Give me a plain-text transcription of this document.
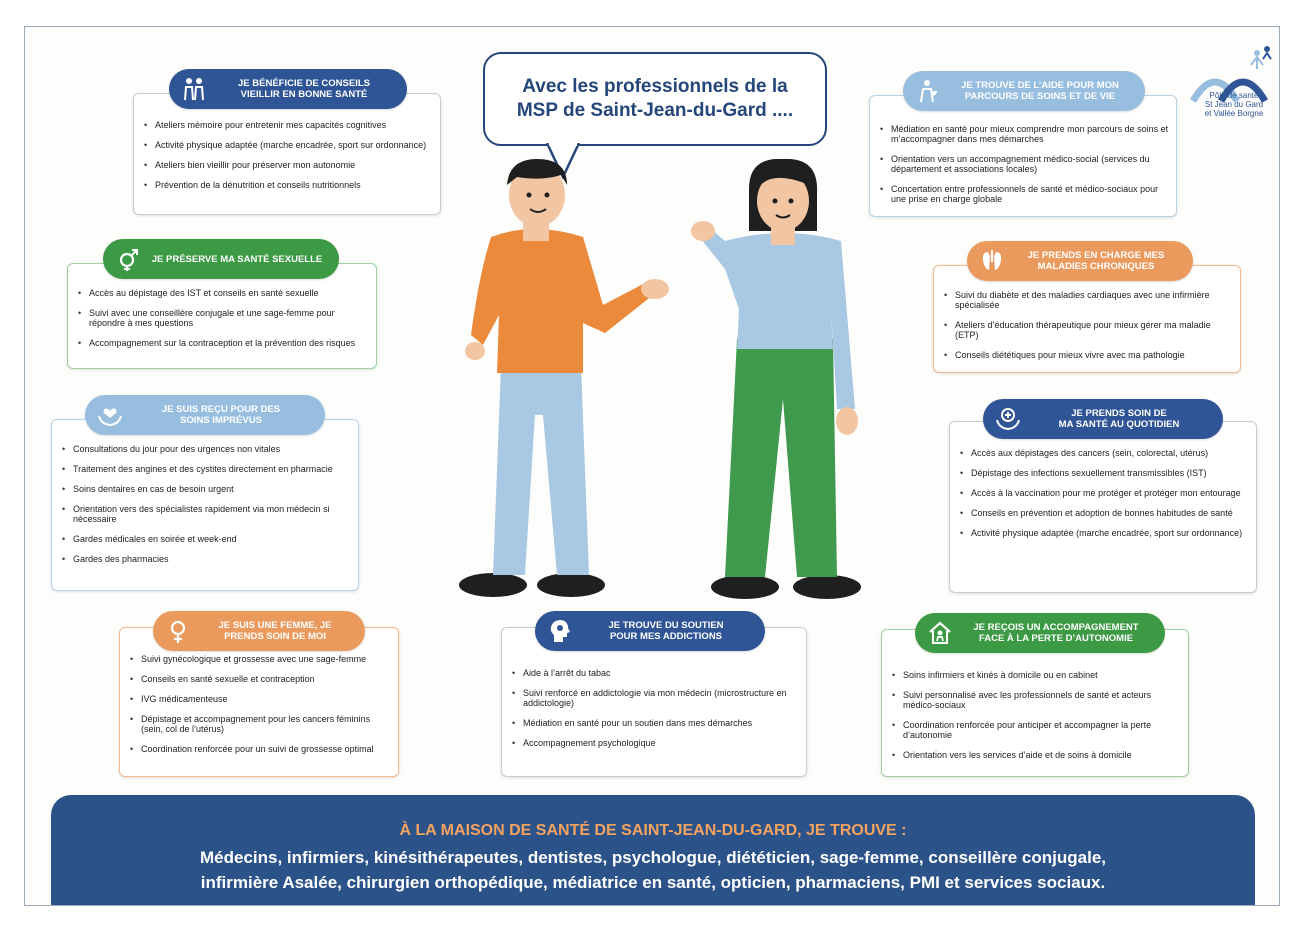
Pôle de santé
St Jean du Gard
et Vallée Borgne
Avec les professionnels de la
MSP de Saint-Jean-du-Gard ....
• Ateliers mémoire pour entretenir mes capacités cognitives
• Activité physique adaptée (marche encadrée, sport sur ordonnance)
• Ateliers bien vieillir pour préserver mon autonomie
• Prévention de la dénutrition et conseils nutritionnels
JE BÉNÉFICIE DE CONSEILS
VIEILLIR EN BONNE SANTÉ
• Accès au dépistage des IST et conseils en santé sexuelle
• Suivi avec une conseillère conjugale et une sage-femme pour répondre à mes questions
• Accompagnement sur la contraception et la prévention des risques
JE PRÉSERVE MA SANTÉ SEXUELLE
• Consultations du jour pour des urgences non vitales
• Traitement des angines et des cystites directement en pharmacie
• Soins dentaires en cas de besoin urgent
• Orientation vers des spécialistes rapidement via mon médecin si nécessaire
• Gardes médicales en soirée et week-end
• Gardes des pharmacies
JE SUIS REÇU POUR DES
SOINS IMPRÉVUS
• Suivi gynécologique et grossesse avec une sage-femme
• Conseils en santé sexuelle et contraception
• IVG médicamenteuse
• Dépistage et accompagnement pour les cancers féminins (sein, col de l’utérus)
• Coordination renforcée pour un suivi de grossesse optimal
JE SUIS UNE FEMME, JE
PRENDS SOIN DE MOI
• Aide à l’arrêt du tabac
• Suivi renforcé en addictologie via mon médecin (microstructure en addictologie)
• Médiation en santé pour un soutien dans mes démarches
• Accompagnement psychologique
JE TROUVE DU SOUTIEN
POUR MES ADDICTIONS
• Médiation en santé pour mieux comprendre mon parcours de soins et m’accompagner dans mes démarches
• Orientation vers un accompagnement médico-social (services du département et associations locales)
• Concertation entre professionnels de santé et médico-sociaux pour une prise en charge globale
JE TROUVE DE L’AIDE POUR MON
PARCOURS DE SOINS ET DE VIE
• Suivi du diabète et des maladies cardiaques avec une infirmière spécialisée
• Ateliers d’éducation thérapeutique pour mieux gérer ma maladie (ETP)
• Conseils diététiques pour mieux vivre avec ma pathologie
JE PRENDS EN CHARGE MES
MALADIES CHRONIQUES
• Accès aux dépistages des cancers (sein, colorectal, utérus)
• Dépistage des infections sexuellement transmissibles (IST)
• Accès à la vaccination pour me protéger et protéger mon entourage
• Conseils en prévention et adoption de bonnes habitudes de santé
• Activité physique adaptée (marche encadrée, sport sur ordonnance)
JE PRENDS SOIN DE
MA SANTÉ AU QUOTIDIEN
• Soins infirmiers et kinés à domicile ou en cabinet
• Suivi personnalisé avec les professionnels de santé et acteurs médico-sociaux
• Coordination renforcée pour anticiper et accompagner la perte d’autonomie
• Orientation vers les services d’aide et de soins à domicile
JE REÇOIS UN ACCOMPAGNEMENT
FACE À LA PERTE D’AUTONOMIE
À LA MAISON DE SANTÉ DE SAINT-JEAN-DU-GARD, JE TROUVE :
Médecins, infirmiers, kinésithérapeutes, dentistes, psychologue, diététicien, sage-femme, conseillère conjugale,
infirmière Asalée, chirurgien orthopédique, médiatrice en santé, opticien, pharmaciens, PMI et services sociaux.
